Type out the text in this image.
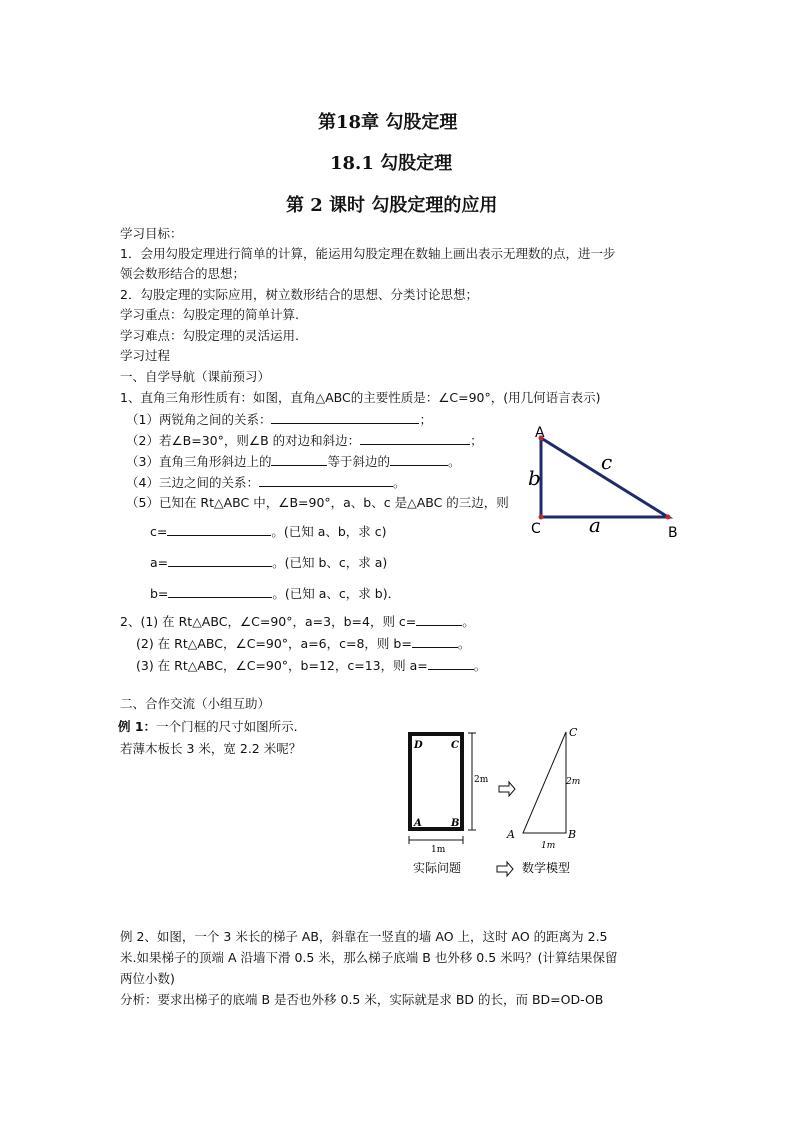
第18章 勾股定理
18.1 勾股定理
第 2 课时 勾股定理的应用
学习目标：
1．会用勾股定理进行简单的计算，能运用勾股定理在数轴上画出表示无理数的点，进一步
领会数形结合的思想；
2．勾股定理的实际应用，树立数形结合的思想、分类讨论思想；
学习重点：勾股定理的简单计算.
学习难点：勾股定理的灵活运用.
学习过程
一、自学导航（课前预习）
1、直角三角形性质有：如图，直角△ABC的主要性质是：∠C=90°，(用几何语言表示)
（1）两锐角之间的关系：	；
（2）若∠B=30°，则∠B 的对边和斜边：	；
（3）直角三角形斜边上的	等于斜边的	。
（4）三边之间的关系：	。
（5）已知在 Rt△ABC 中，∠B=90°，a、b、c 是△ABC 的三边，则
c=	。(已知 a、b，求 c)
a=	。(已知 b、c，求 a)
b=	。(已知 a、c，求 b)．
2、(1) 在 Rt△ABC，∠C=90°，a=3，b=4，则 c=	。
(2) 在 Rt△ABC，∠C=90°，a=6，c=8，则 b=	。
(3) 在 Rt△ABC，∠C=90°，b=12，c=13，则 a=	。
A
C	B
b
c
a
二、合作交流（小组互助）
例 1：一个门框的尺寸如图所示.
若薄木板长 3 米，宽 2.2 米呢？	D	C
A	B
2m
1m
C
A	B
2m
1m
实际问题	数学模型
例 2、如图，一个 3 米长的梯子 AB，斜靠在一竖直的墙 AO 上，这时 AO 的距离为 2.5
米.如果梯子的顶端 A 沿墙下滑 0.5 米，那么梯子底端 B 也外移 0.5 米吗？(计算结果保留
两位小数)
分析：要求出梯子的底端 B 是否也外移 0.5 米，实际就是求 BD 的长，而 BD=OD-OB
